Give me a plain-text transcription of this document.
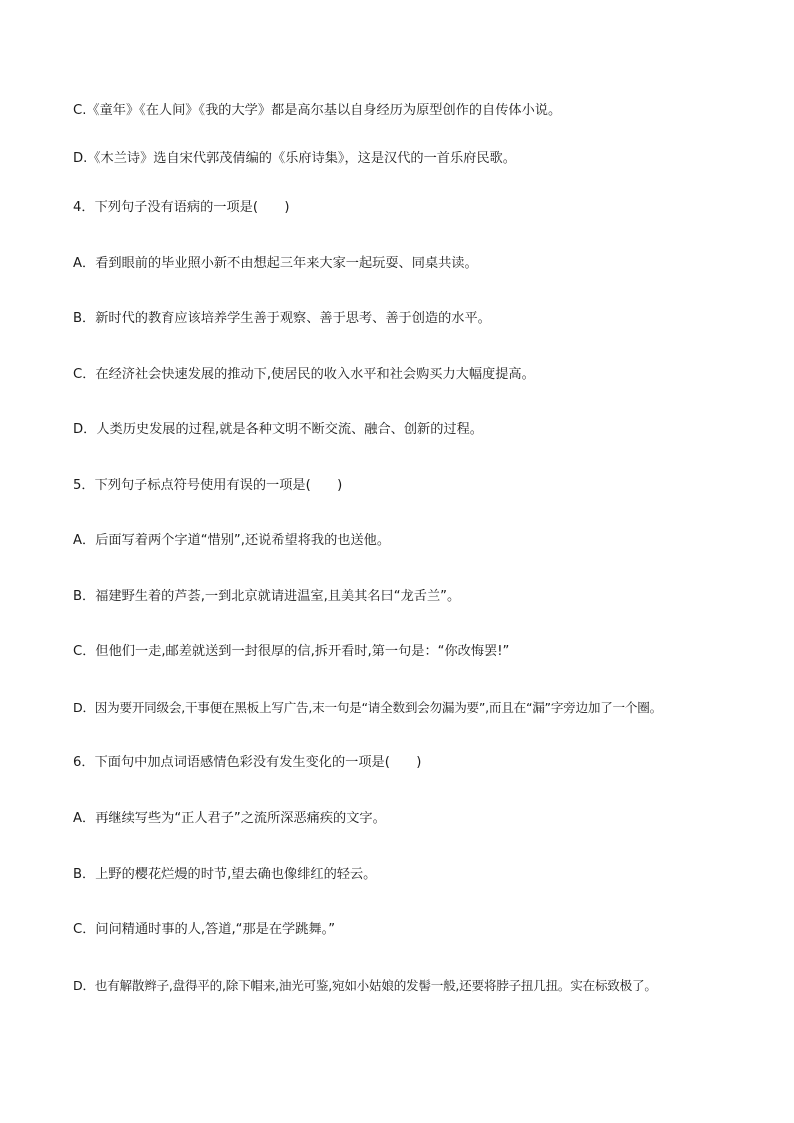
C.《童年》《在人间》《我的大学》都是高尔基以自身经历为原型创作的自传体小说。
D.《木兰诗》选自宋代郭茂倩编的《乐府诗集》，这是汉代的一首乐府民歌。
4．下列句子没有语病的一项是(　　)
A．看到眼前的毕业照小新不由想起三年来大家一起玩耍、同桌共读。
B．新时代的教育应该培养学生善于观察、善于思考、善于创造的水平。
C．在经济社会快速发展的推动下,使居民的收入水平和社会购买力大幅度提高。
D．人类历史发展的过程,就是各种文明不断交流、融合、创新的过程。
5．下列句子标点符号使用有误的一项是(　　)
A．后面写着两个字道“惜别”,还说希望将我的也送他。
B．福建野生着的芦荟,一到北京就请进温室,且美其名曰“龙舌兰”。
C．但他们一走,邮差就送到一封很厚的信,拆开看时,第一句是：“你改悔罢!”
D．因为要开同级会,干事便在黑板上写广告,末一句是“请全数到会勿漏为要”,而且在“漏”字旁边加了一个圈。
6．下面句中加点词语感情色彩没有发生变化的一项是(　　)
A．再继续写些为“正人君子”之流所深恶痛疾的文字。
B．上野的樱花烂熳的时节,望去确也像绯红的轻云。
C．问问精通时事的人,答道,“那是在学跳舞。”
D．也有解散辫子,盘得平的,除下帽来,油光可鉴,宛如小姑娘的发髻一般,还要将脖子扭几扭。实在标致极了。
